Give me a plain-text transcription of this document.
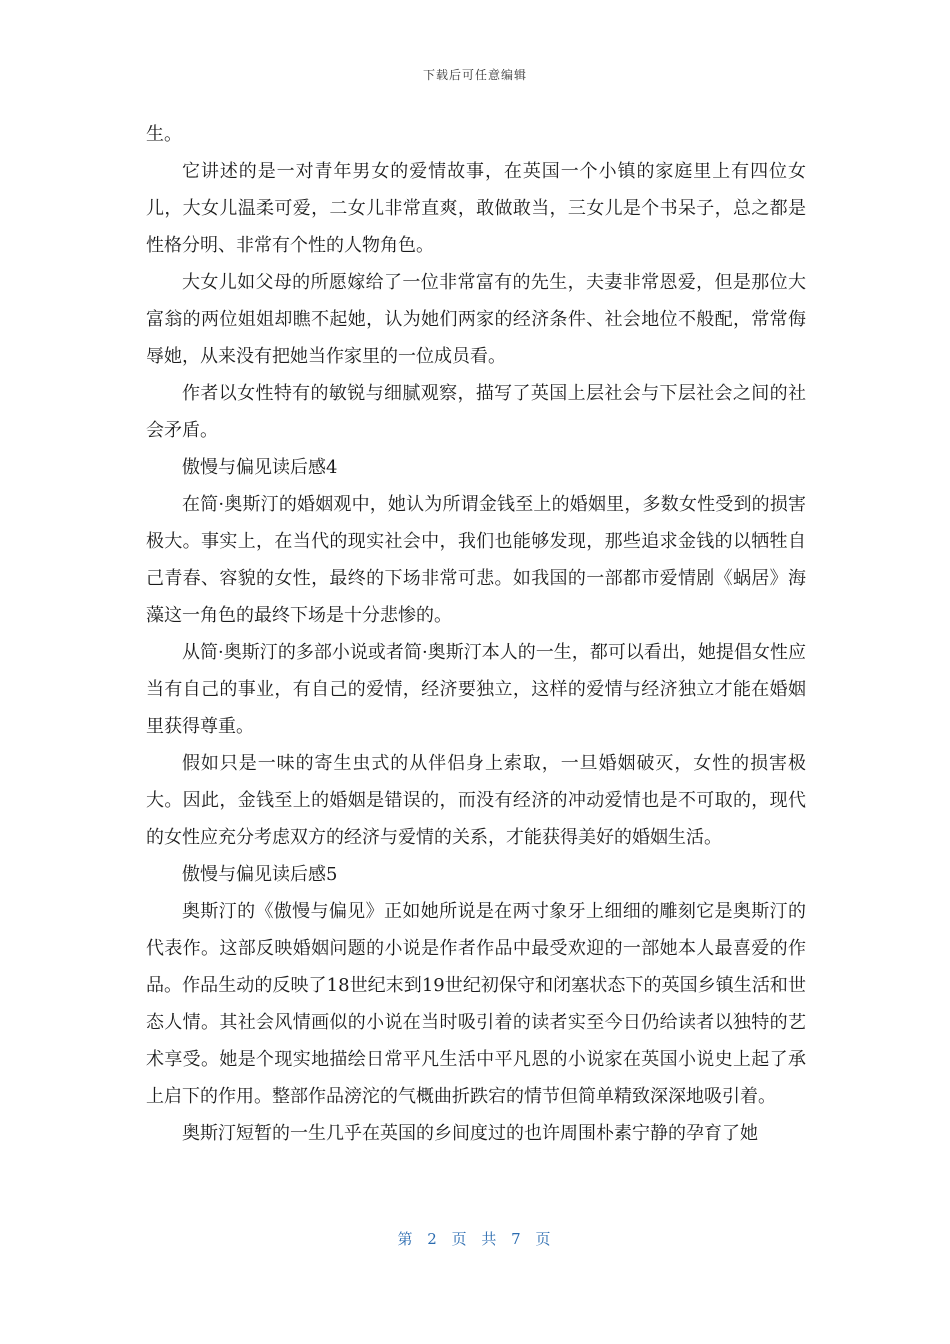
下载后可任意编辑

生。

它讲述的是一对青年男女的爱情故事，在英国一个小镇的家庭里上有四位女儿，大女儿温柔可爱，二女儿非常直爽，敢做敢当，三女儿是个书呆子，总之都是性格分明、非常有个性的人物角色。

大女儿如父母的所愿嫁给了一位非常富有的先生，夫妻非常恩爱，但是那位大富翁的两位姐姐却瞧不起她，认为她们两家的经济条件、社会地位不般配，常常侮辱她，从来没有把她当作家里的一位成员看。

作者以女性特有的敏锐与细腻观察，描写了英国上层社会与下层社会之间的社会矛盾。

傲慢与偏见读后感4

在简·奥斯汀的婚姻观中，她认为所谓金钱至上的婚姻里，多数女性受到的损害极大。事实上，在当代的现实社会中，我们也能够发现，那些追求金钱的以牺牲自己青春、容貌的女性，最终的下场非常可悲。如我国的一部都市爱情剧《蜗居》海藻这一角色的最终下场是十分悲惨的。

从简·奥斯汀的多部小说或者简·奥斯汀本人的一生，都可以看出，她提倡女性应当有自己的事业，有自己的爱情，经济要独立，这样的爱情与经济独立才能在婚姻里获得尊重。

假如只是一味的寄生虫式的从伴侣身上索取，一旦婚姻破灭，女性的损害极大。因此，金钱至上的婚姻是错误的，而没有经济的冲动爱情也是不可取的，现代的女性应充分考虑双方的经济与爱情的关系，才能获得美好的婚姻生活。

傲慢与偏见读后感5

奥斯汀的《傲慢与偏见》正如她所说是在两寸象牙上细细的雕刻它是奥斯汀的代表作。这部反映婚姻问题的小说是作者作品中最受欢迎的一部她本人最喜爱的作品。作品生动的反映了18世纪末到19世纪初保守和闭塞状态下的英国乡镇生活和世态人情。其社会风情画似的小说在当时吸引着的读者实至今日仍给读者以独特的艺术享受。她是个现实地描绘日常平凡生活中平凡恩的小说家在英国小说史上起了承上启下的作用。整部作品滂沱的气概曲折跌宕的情节但简单精致深深地吸引着。

奥斯汀短暂的一生几乎在英国的乡间度过的也许周围朴素宁静的孕育了她

第 2 页 共 7 页
